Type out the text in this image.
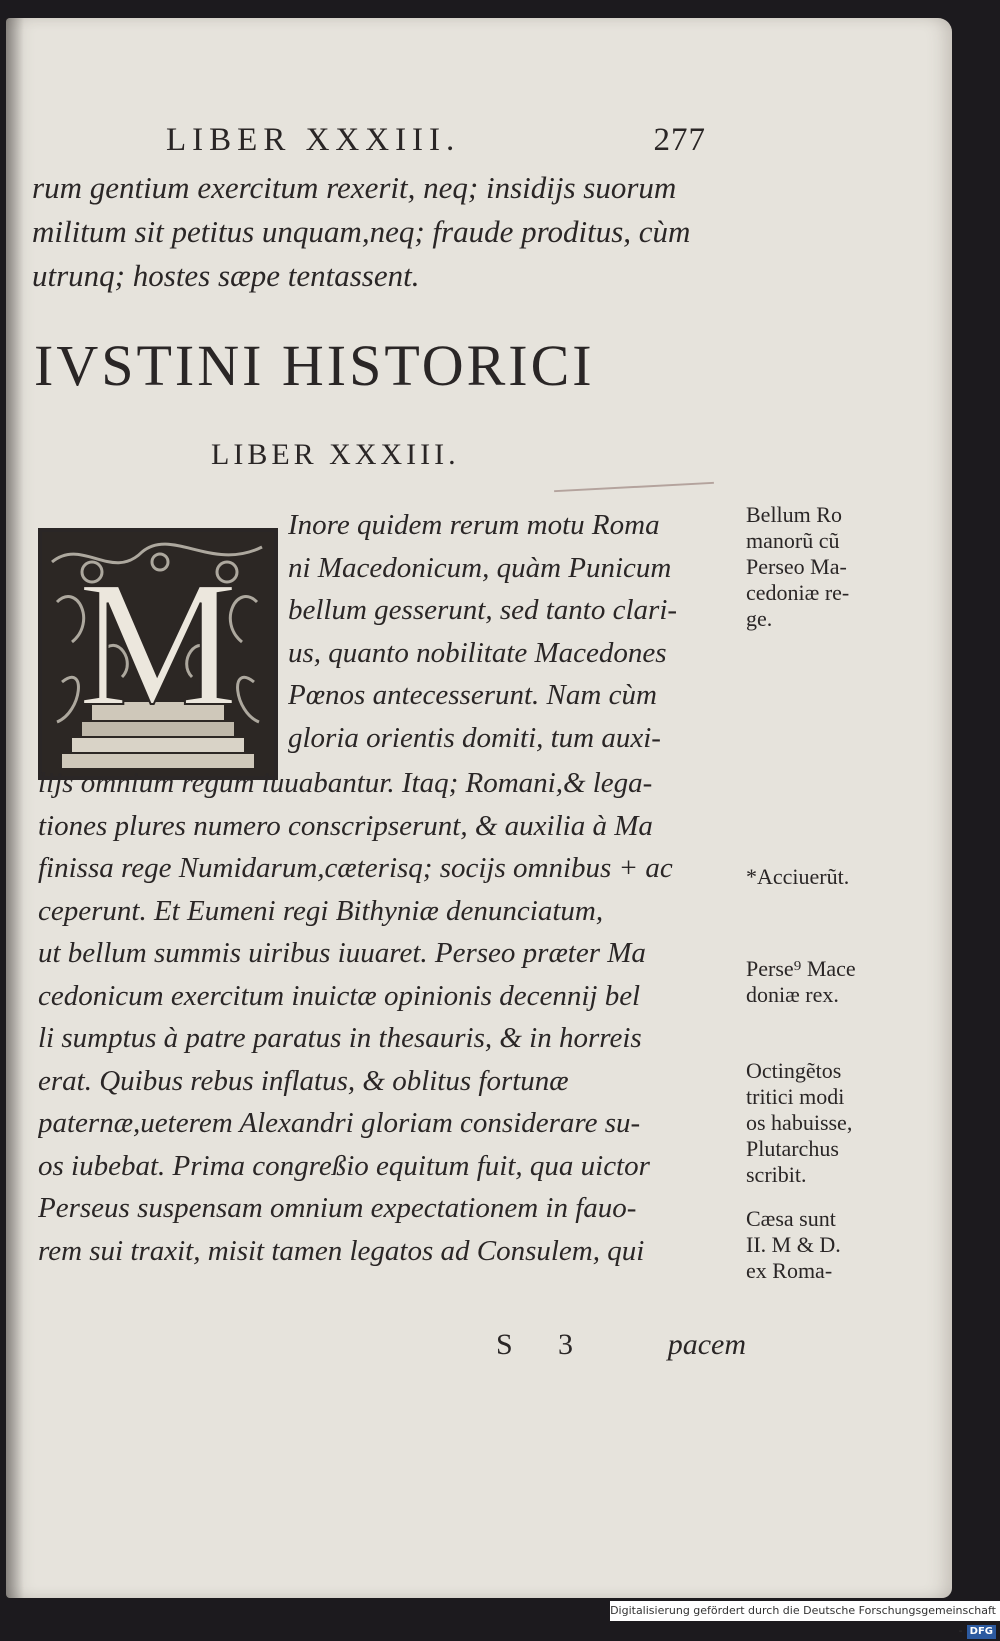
LIBER XXXIII.	277
rum gentium exercitum rexerit, neq; insidijs suorum
militum sit petitus unquam,neq; fraude proditus, cùm
utrunq; hostes sæpe tentassent.
IVSTINI HISTORICI
LIBER XXXIII.
M
Inore quidem rerum motu Roma
ni Macedonicum, quàm Punicum
bellum gesserunt, sed tanto clari-
us, quanto nobilitate Macedones
Pœnos antecesserunt. Nam cùm
gloria orientis domiti, tum auxi-
lijs omnium regum iuuabantur. Itaq; Romani,& lega-
tiones plures numero conscripserunt, & auxilia à Ma
finissa rege Numidarum,cæterisq; socijs omnibus + ac
ceperunt. Et Eumeni regi Bithyniæ denunciatum,
ut bellum summis uiribus iuuaret. Perseo præter Ma
cedonicum exercitum inuictæ opinionis decennij bel
li sumptus à patre paratus in thesauris, & in horreis
erat. Quibus rebus inflatus, & oblitus fortunæ
paternæ,ueterem Alexandri gloriam considerare su-
os iubebat. Prima congreßio equitum fuit, qua uictor
Perseus suspensam omnium expectationem in fauo-
rem sui traxit, misit tamen legatos ad Consulem, qui
Bellum Ro
manorũ cũ
Perseo Ma-
cedoniæ re-
ge.
*Acciuerũt.
Perse⁹ Mace
doniæ rex.
Octingẽtos
tritici modi
os habuisse,
Plutarchus
scribit.
Cæsa sunt
II. M & D.
ex Roma-
S 3	pacem
Digitalisierung gefördert durch die Deutsche Forschungsgemeinschaft - DFG
